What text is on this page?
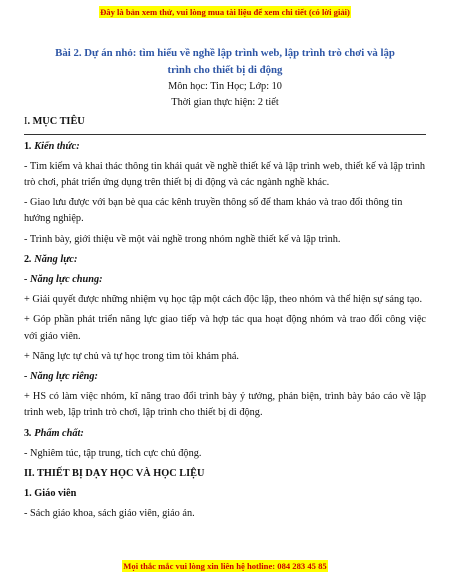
Đây là bản xem thử, vui lòng mua tài liệu để xem chi tiết (có lời giải)

Bài 2. Dự án nhỏ: tìm hiểu về nghề lập trình web, lập trình trò chơi và lập

trình cho thiết bị di động

Môn học: Tin Học; Lớp: 10

Thời gian thực hiện: 2 tiết

I. MỤC TIÊU

1. Kiến thức:

- Tìm kiếm và khai thác thông tin khái quát về nghề thiết kế và lập trình web, thiết kế và lập trình trò chơi, phát triển ứng dụng trên thiết bị di động và các ngành nghề khác.

- Giao lưu được với bạn bè qua các kênh truyền thông số để tham khảo và trao đổi thông tin hướng nghiệp.

- Trình bày, giới thiệu về một vài nghề trong nhóm nghề thiết kế và lập trình.

2. Năng lực:

- Năng lực chung:

+ Giải quyết được những nhiệm vụ học tập một cách độc lập, theo nhóm và thể hiện sự sáng tạo.

+ Góp phần phát triển năng lực giao tiếp và hợp tác qua hoạt động nhóm và trao đổi công việc với giáo viên.

+ Năng lực tự chủ và tự học trong tìm tòi khám phá.

- Năng lực riêng:

+ HS có làm việc nhóm, kĩ năng trao đổi trình bày ý tưởng, phản biện, trình bày báo cáo về lập trình web, lập trình trò chơi, lập trình cho thiết bị di động.

3. Phẩm chất:

- Nghiêm túc, tập trung, tích cực chủ động.

II. THIẾT BỊ DẠY HỌC VÀ HỌC LIỆU

1. Giáo viên

- Sách giáo khoa, sách giáo viên, giáo án.

Mọi thắc mắc vui lòng xin liên hệ hotline: 084 283 45 85
